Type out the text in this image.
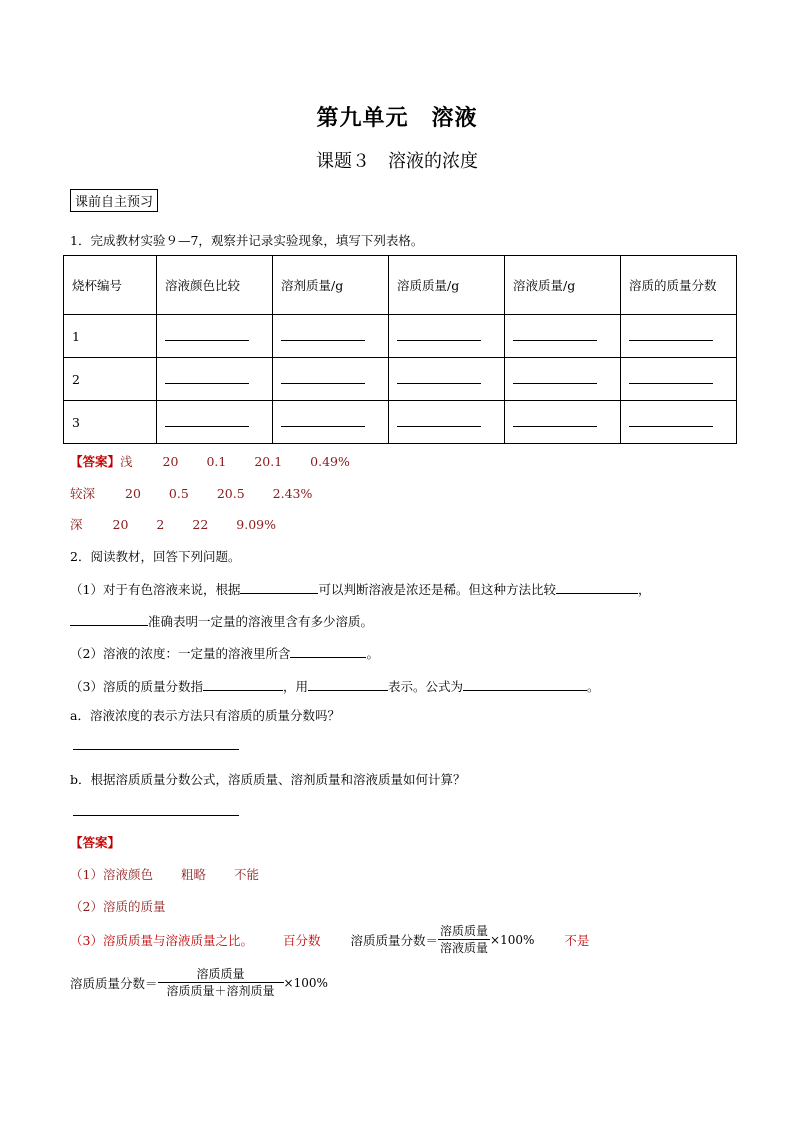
第九单元　溶液
课题３　溶液的浓度
课前自主预习
1．完成教材实验９—7，观察并记录实验现象，填写下列表格。
烧杯编号	溶液颜色比较	溶剂质量/g	溶质质量/g	溶液质量/g	溶质的质量分数
1					
2					
3					
【答案】浅 20 0.1 20.1 0.49%
较深 20 0.5 20.5 2.43%
深 20 2 22 9.09%
2．阅读教材，回答下列问题。
（1）对于有色溶液来说，根据	可以判断溶液是浓还是稀。但这种方法比较	，
准确表明一定量的溶液里含有多少溶质。
（2）溶液的浓度：一定量的溶液里所含	。
（3）溶质的质量分数指	，用	表示。公式为	。
a．溶液浓度的表示方法只有溶质的质量分数吗？
b．根据溶质质量分数公式，溶质质量、溶剂质量和溶液质量如何计算？
【答案】
（1）溶液颜色 粗略 不能
（2）溶质的质量
（3）溶质质量与溶液质量之比。 百分数 溶质质量分数＝ $\frac{\text{溶质质量}}{\text{溶液质量}} \times 100\%$ 不是
溶质质量分数＝ $\frac{\text{溶质质量}}{\text{溶质质量＋溶剂质量}} \times 100\%$
